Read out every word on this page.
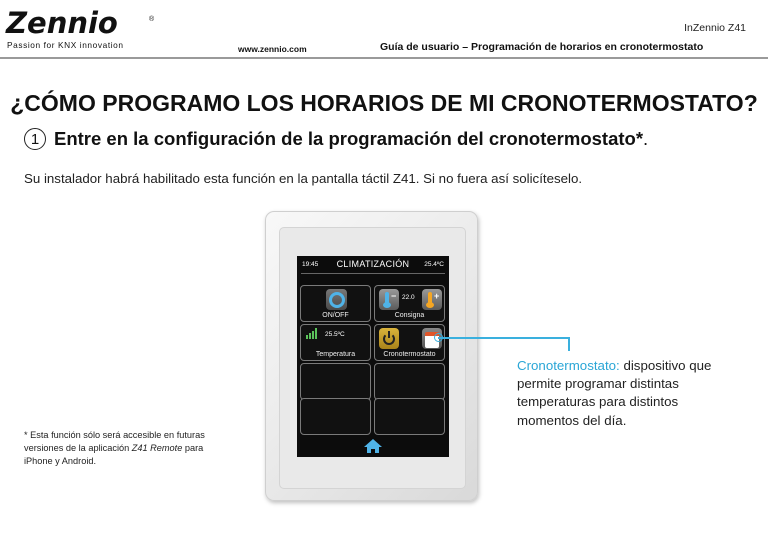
Zennio	®
Passion for KNX innovation
InZennio Z41
www.zennio.com	Guía de usuario – Programación de horarios en cronotermostato
¿CÓMO PROGRAMO LOS HORARIOS DE MI CRONOTERMOSTATO?
1 Entre en la configuración de la programación del cronotermostato* .
Su instalador habrá habilitado esta función en la pantalla táctil Z41. Si no fuera así solicíteselo.
19:45	CLIMATIZACIÓN	25.4ºC
ON/OFF
− 22.0 +
Consigna
25.5ºC
Temperatura	Cronotermostato
Cronotermostato: dispositivo que permite programar distintas temperaturas para distintos momentos del día.
* Esta función sólo será accesible en futuras versiones de la aplicación Z41 Remote para iPhone y Android.
